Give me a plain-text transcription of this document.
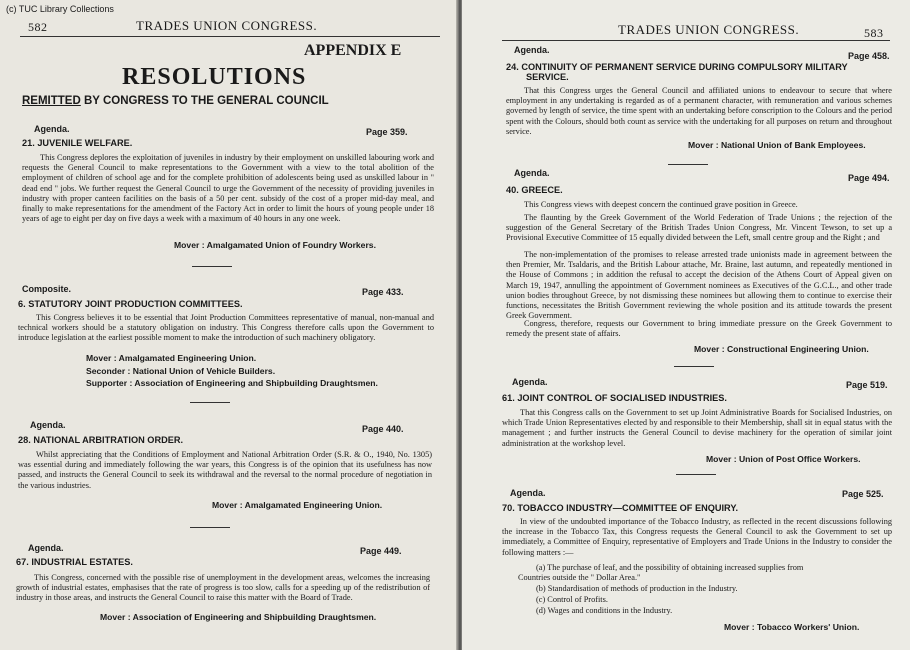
(c) TUC Library Collections
582	TRADES UNION CONGRESS.
APPENDIX E
RESOLUTIONS
REMITTED BY CONGRESS TO THE GENERAL COUNCIL
Agenda.	Page 359.
21. JUVENILE WELFARE.
This Congress deplores the exploitation of juveniles in industry by their employment on unskilled labouring work and requests the General Council to make representations to the Government with a view to the total abolition of the employment of children of school age and for the complete prohibition of adolescents being used as unskilled labour in " dead end " jobs. We further request the General Council to urge the Government of the necessity of providing juveniles in industry with proper canteen facilities on the basis of a 50 per cent. subsidy of the cost of a proper mid-day meal, and finally to make representations for the amendment of the Factory Act in order to limit the hours of young people under 18 years of age to eight per day on five days a week with a maximum of 40 hours in any one week.
Mover : Amalgamated Union of Foundry Workers.
Composite.	Page 433.
6. STATUTORY JOINT PRODUCTION COMMITTEES.
This Congress believes it to be essential that Joint Production Committees representative of manual, non-manual and technical workers should be a statutory obligation on industry. This Congress therefore calls upon the Government to introduce legislation at the earliest possible moment to make the introduction of such machinery obligatory.
Mover : Amalgamated Engineering Union.
Seconder : National Union of Vehicle Builders.
Supporter : Association of Engineering and Shipbuilding Draughtsmen.
Agenda.	Page 440.
28. NATIONAL ARBITRATION ORDER.
Whilst appreciating that the Conditions of Employment and National Arbitration Order (S.R. & O., 1940, No. 1305) was essential during and immediately following the war years, this Congress is of the opinion that its usefulness has now passed, and instructs the General Council to seek its withdrawal and the reversal to the normal procedure of negotiation in the various industries.
Mover : Amalgamated Engineering Union.
Agenda.	Page 449.
67. INDUSTRIAL ESTATES.
This Congress, concerned with the possible rise of unemployment in the development areas, welcomes the increasing growth of industrial estates, emphasises that the rate of progress is too slow, calls for a speeding up of the redistribution of industry in those areas, and instructs the General Council to raise this matter with the Board of Trade.
Mover : Association of Engineering and Shipbuilding Draughtsmen.
TRADES UNION CONGRESS.	583
Agenda.
Page 458.
24. CONTINUITY OF PERMANENT SERVICE DURING COMPULSORY MILITARY
SERVICE.
That this Congress urges the General Council and affiliated unions to endeavour to secure that where employment in any undertaking is regarded as of a permanent character, with remuneration and various schemes governed by length of service, the time spent with an undertaking before conscription to the Colours and the period spent with the Colours, should both count as service with the undertaking for all purposes on return and throughout service.
Mover : National Union of Bank Employees.
Agenda.	Page 494.
40. GREECE.
This Congress views with deepest concern the continued grave position in Greece.
The flaunting by the Greek Government of the World Federation of Trade Unions ; the rejection of the suggestion of the General Secretary of the British Trades Union Congress, Mr. Vincent Tewson, to set up a Provisional Executive Committee of 15 equally divided between the Left, small centre group and the Right ; and
The non-implementation of the promises to release arrested trade unionists made in agreement between the then Premier, Mr. Tsaldaris, and the British Labour attache, Mr. Braine, last autumn, and repeatedly mentioned in the House of Commons ; in addition the refusal to accept the decision of the Athens Court of Appeal given on March 19, 1947, annulling the appointment of Government nominees as Executives of the G.C.L., and other trade union bodies throughout Greece, by not dismissing these nominees but allowing them to continue to exercise their functions, necessitates the British Government reviewing the whole position and its attitude towards the present Greek Government.
Congress, therefore, requests our Government to bring immediate pressure on the Greek Government to remedy the present state of affairs.
Mover : Constructional Engineering Union.
Agenda.	Page 519.
61. JOINT CONTROL OF SOCIALISED INDUSTRIES.
That this Congress calls on the Government to set up Joint Administrative Boards for Socialised Industries, on which Trade Union Representatives elected by and responsible to their Membership, shall sit in equal status with the management ; and further instructs the General Council to devise machinery for the operation of similar joint administration at the workshop level.
Mover : Union of Post Office Workers.
Agenda.	Page 525.
70. TOBACCO INDUSTRY—COMMITTEE OF ENQUIRY.
In view of the undoubted importance of the Tobacco Industry, as reflected in the recent discussions following the increase in the Tobacco Tax, this Congress requests the General Council to ask the Government to set up immediately, a Committee of Enquiry, representative of Employers and Trade Unions in the Industry to consider the following matters :—
(a) The purchase of leaf, and the possibility of obtaining increased supplies from
Countries outside the " Dollar Area."
(b) Standardisation of methods of production in the Industry.
(c) Control of Profits.
(d) Wages and conditions in the Industry.
Mover : Tobacco Workers' Union.
